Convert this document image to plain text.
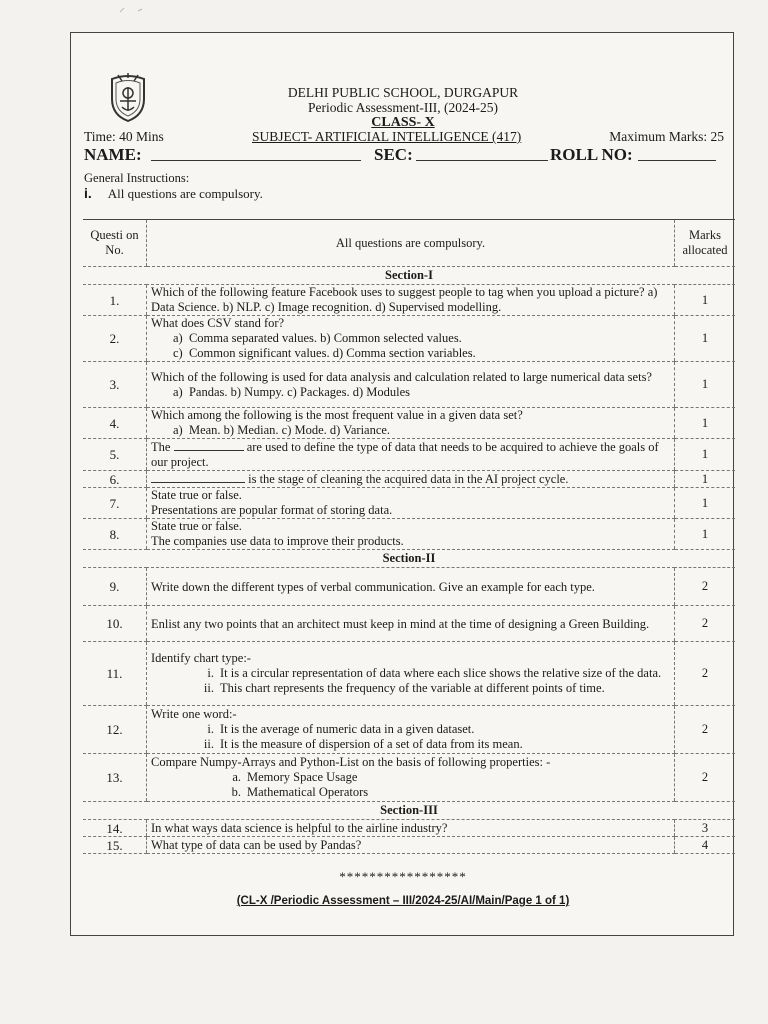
DELHI PUBLIC SCHOOL, DURGAPUR
Periodic Assessment-III, (2024-25)
CLASS- X
Time: 40 Mins	SUBJECT- ARTIFICIAL INTELLIGENCE (417)	Maximum Marks: 25
NAME:	SEC:	ROLL NO:
General Instructions:
i. All questions are compulsory.
Questi on No.	All questions are compulsory.	Marks allocated
Section-I		
1.	Which of the following feature Facebook uses to suggest people to tag when you upload a picture? a) Data Science. b) NLP. c) Image recognition. d) Supervised modelling.	1
2.	What does CSV stand for?
a) Comma separated values. b) Common selected values.
c) Common significant values. d) Comma section variables.	1
3.	Which of the following is used for data analysis and calculation related to large numerical data sets?
a) Pandas. b) Numpy. c) Packages. d) Modules	1
4.	Which among the following is the most frequent value in a given data set?
a) Mean. b) Median. c) Mode. d) Variance.	1
5.	The are used to define the type of data that needs to be acquired to achieve the goals of our project.	1
6.	is the stage of cleaning the acquired data in the AI project cycle.	1
7.	State true or false.
Presentations are popular format of storing data.	1
8.	State true or false.
The companies use data to improve their products.	1
Section-II		
9.	Write down the different types of verbal communication. Give an example for each type.	2
10.	Enlist any two points that an architect must keep in mind at the time of designing a Green Building.	2
11.	Identify chart type:-
i. It is a circular representation of data where each slice shows the relative size of the data.
ii. This chart represents the frequency of the variable at different points of time.	2
12.	Write one word:-
i. It is the average of numeric data in a given dataset.
ii. It is the measure of dispersion of a set of data from its mean.	2
13.	Compare Numpy-Arrays and Python-List on the basis of following properties: -
a. Memory Space Usage
b. Mathematical Operators	2
Section-III		
14.	In what ways data science is helpful to the airline industry?	3
15.	What type of data can be used by Pandas?	4
*****************
(CL-X /Periodic Assessment – III/2024-25/AI/Main/Page 1 of 1)
